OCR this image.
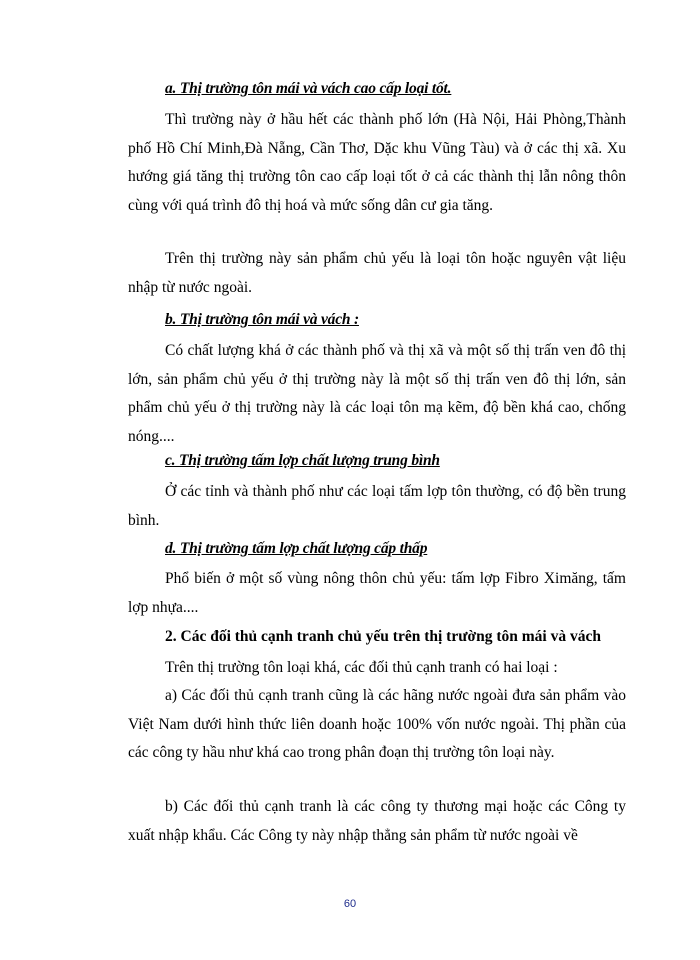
a. Thị trường tôn mái và vách cao cấp loại tốt.
Thì trường này ở hầu hết các thành phố lớn (Hà Nội, Hải Phòng,Thành phố Hồ Chí Minh,Đà Nẵng, Cần Thơ, Dặc khu Vũng Tàu) và ở các thị xã. Xu hướng giá tăng thị trường tôn cao cấp loại tốt ở cả các thành thị lẫn nông thôn cùng với quá trình đô thị hoá và mức sống dân cư gia tăng.
Trên thị trường này sản phẩm chủ yếu là loại tôn hoặc nguyên vật liệu nhập từ nước ngoài.
b. Thị trường tôn mái và vách :
Có chất lượng khá ở các thành phố và thị xã và một số thị trấn ven đô thị lớn, sản phẩm chủ yếu ở thị trường này là một số thị trấn ven đô thị lớn, sản phẩm chủ yếu ở thị trường này là các loại tôn mạ kẽm, độ bền khá cao, chống nóng....
c. Thị trường tấm lợp chất lượng trung bình
Ở các tỉnh và thành phố như các loại tấm lợp tôn thường, có độ bền trung bình.
d. Thị trường tấm lợp chất lượng cấp thấp
Phổ biến ở một số vùng nông thôn chủ yếu: tấm lợp Fibro Ximăng, tấm lợp nhựa....
2. Các đối thủ cạnh tranh chủ yếu trên thị trường tôn mái và vách
Trên thị trường tôn loại khá, các đối thủ cạnh tranh có hai loại :
a) Các đối thủ cạnh tranh cũng là các hãng nước ngoài đưa sản phẩm vào Việt Nam dưới hình thức liên doanh hoặc 100% vốn nước ngoài. Thị phần của các công ty hầu như khá cao trong phân đoạn thị trường tôn loại này.
b) Các đối thủ cạnh tranh là các công ty thương mại hoặc các Công ty xuất nhập khẩu. Các Công ty này nhập thẳng sản phẩm từ nước ngoài về
60
